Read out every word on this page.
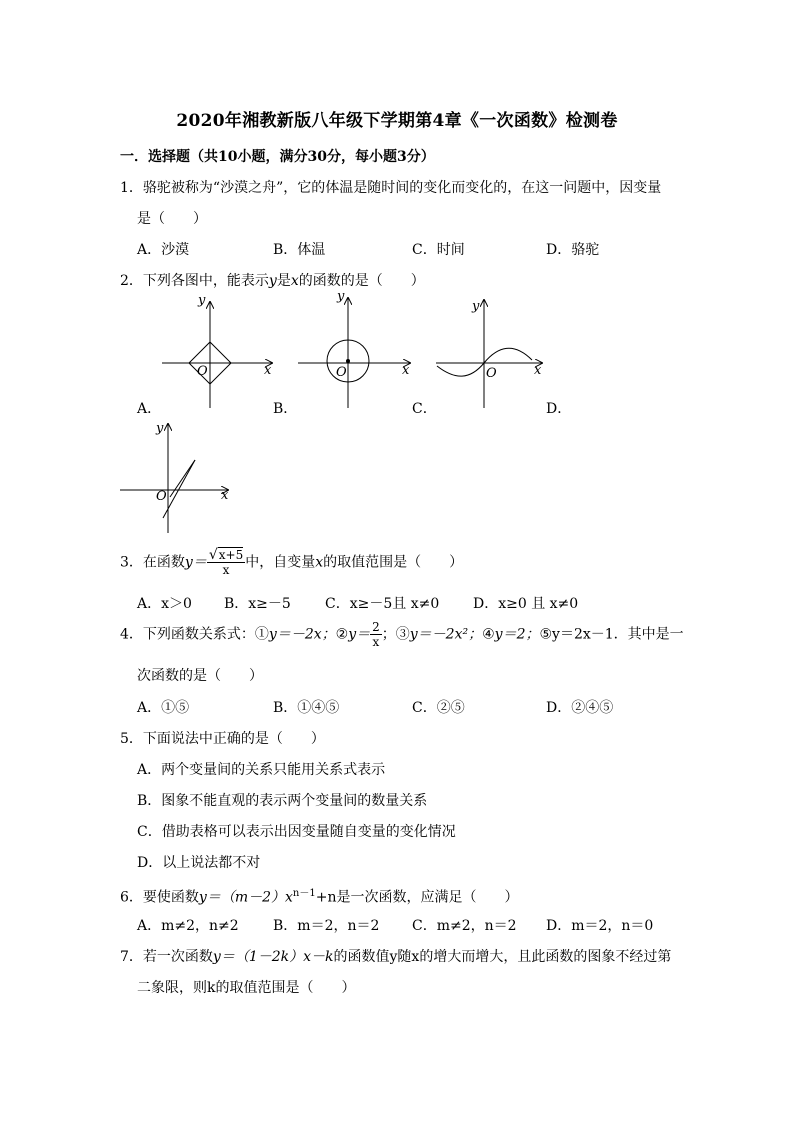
2020年湘教新版八年级下学期第4章《一次函数》检测卷
一．选择题（共10小题，满分30分，每小题3分）
1．骆驼被称为“沙漠之舟”，它的体温是随时间的变化而变化的，在这一问题中，因变量
是（　　）
A．沙漠	B．体温	C．时间	D．骆驼
2．下列各图中，能表示y是x的函数的是（　　）
O	x
y
O	x
y
O	x
y
O	x
y
A．	B．	C．	D．
3．在函数$y= \frac{√x+5}{x}$ 中，自变量x的取值范围是（　　）
A．x＞0 B．x≥－5 C．x≥－5且 x≠0 D．x≥0 且 x≠0
4．下列函数关系式：①y＝－2x；②y＝ $\frac{2}{x}$ ；③y＝－2x²；④y＝2；⑤y＝2x－1．其中是一
次函数的是（　　）
A．①⑤	B．①④⑤	C．②⑤	D．②④⑤
5．下面说法中正确的是（　　）
A．两个变量间的关系只能用关系式表示
B．图象不能直观的表示两个变量间的数量关系
C．借助表格可以表示出因变量随自变量的变化情况
D．以上说法都不对
6．要使函数$y=(m-2)x^{n-1}+n$是一次函数，应满足（　　）
A．m≠2，n≠2 B．m＝2，n＝2 C．m≠2，n＝2 D．m＝2，n＝0
7．若一次函数y＝（1－2k）x－k的函数值y随x的增大而增大，且此函数的图象不经过第
二象限，则k的取值范围是（　　）
